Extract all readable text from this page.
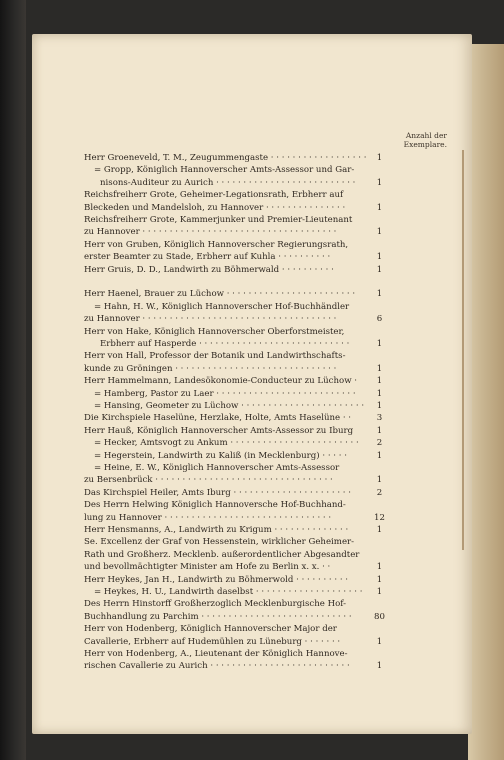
Anzahl der
Exemplare.
Herr Groeneveld, T. M., Zeugummengaste · · · · · · · · · · · · · · · · · ·	1
= Gropp, Königlich Hannoverscher Amts-Assessor und Gar-
nisons-Auditeur zu Aurich · · · · · · · · · · · · · · · · · · · · · · · · · ·	1
Reichsfreiherr Grote, Geheimer-Legationsrath, Erbherr auf
Bleckeden und Mandelsloh, zu Hannover · · · · · · · · · · · · · · ·	1
Reichsfreiherr Grote, Kammerjunker und Premier-Lieutenant
zu Hannover · · · · · · · · · · · · · · · · · · · · · · · · · · · · · · · · · · · ·	1
Herr von Gruben, Königlich Hannoverscher Regierungsrath,
erster Beamter zu Stade, Erbherr auf Kuhla · · · · · · · · · ·	1
Herr Gruis, D. D., Landwirth zu Böhmerwald · · · · · · · · · ·	1
Herr Haenel, Brauer zu Lüchow · · · · · · · · · · · · · · · · · · · · · · · ·	1
= Hahn, H. W., Königlich Hannoverscher Hof-Buchhändler
zu Hannover · · · · · · · · · · · · · · · · · · · · · · · · · · · · · · · · · · · ·	6
Herr von Hake, Königlich Hannoverscher Oberforstmeister,
Erbherr auf Hasperde · · · · · · · · · · · · · · · · · · · · · · · · · · · ·	1
Herr von Hall, Professor der Botanik und Landwirthschafts-
kunde zu Gröningen · · · · · · · · · · · · · · · · · · · · · · · · · · · · · ·	1
Herr Hammelmann, Landesökonomie-Conducteur zu Lüchow ·	1
= Hamberg, Pastor zu Laer · · · · · · · · · · · · · · · · · · · · · · · · · ·	1
= Hansing, Geometer zu Lüchow · · · · · · · · · · · · · · · · · · · · · · ·	1
Die Kirchspiele Haselüne, Herzlake, Holte, Amts Haselüne · ·	3
Herr Hauß, Königlich Hannoverscher Amts-Assessor zu Iburg	1
= Hecker, Amtsvogt zu Ankum · · · · · · · · · · · · · · · · · · · · · · · ·	2
= Hegerstein, Landwirth zu Kaliß (in Mecklenburg) · · · · ·	1
= Heine, E. W., Königlich Hannoverscher Amts-Assessor
zu Bersenbrück · · · · · · · · · · · · · · · · · · · · · · · · · · · · · · · · ·	1
Das Kirchspiel Heiler, Amts Iburg · · · · · · · · · · · · · · · · · · · · · ·	2
Des Herrn Helwing Königlich Hannoversche Hof-Buchhand-
lung zu Hannover · · · · · · · · · · · · · · · · · · · · · · · · · · · · · · ·	12
Herr Hensmanns, A., Landwirth zu Krigum · · · · · · · · · · · · · ·	1
Se. Excellenz der Graf von Hessenstein, wirklicher Geheimer-
Rath und Großherz. Mecklenb. außerordentlicher Abgesandter
und bevollmächtigter Minister am Hofe zu Berlin x. x. · ·	1
Herr Heykes, Jan H., Landwirth zu Böhmerwold · · · · · · · · · ·	1
= Heykes, H. U., Landwirth daselbst · · · · · · · · · · · · · · · · · · · ·	1
Des Herrn Hinstorff Großherzoglich Mecklenburgische Hof-
Buchhandlung zu Parchim · · · · · · · · · · · · · · · · · · · · · · · · · · · ·	80
Herr von Hodenberg, Königlich Hannoverscher Major der
Cavallerie, Erbherr auf Hudemühlen zu Lüneburg · · · · · · ·	1
Herr von Hodenberg, A., Lieutenant der Königlich Hannove-
rischen Cavallerie zu Aurich · · · · · · · · · · · · · · · · · · · · · · · · · ·	1
